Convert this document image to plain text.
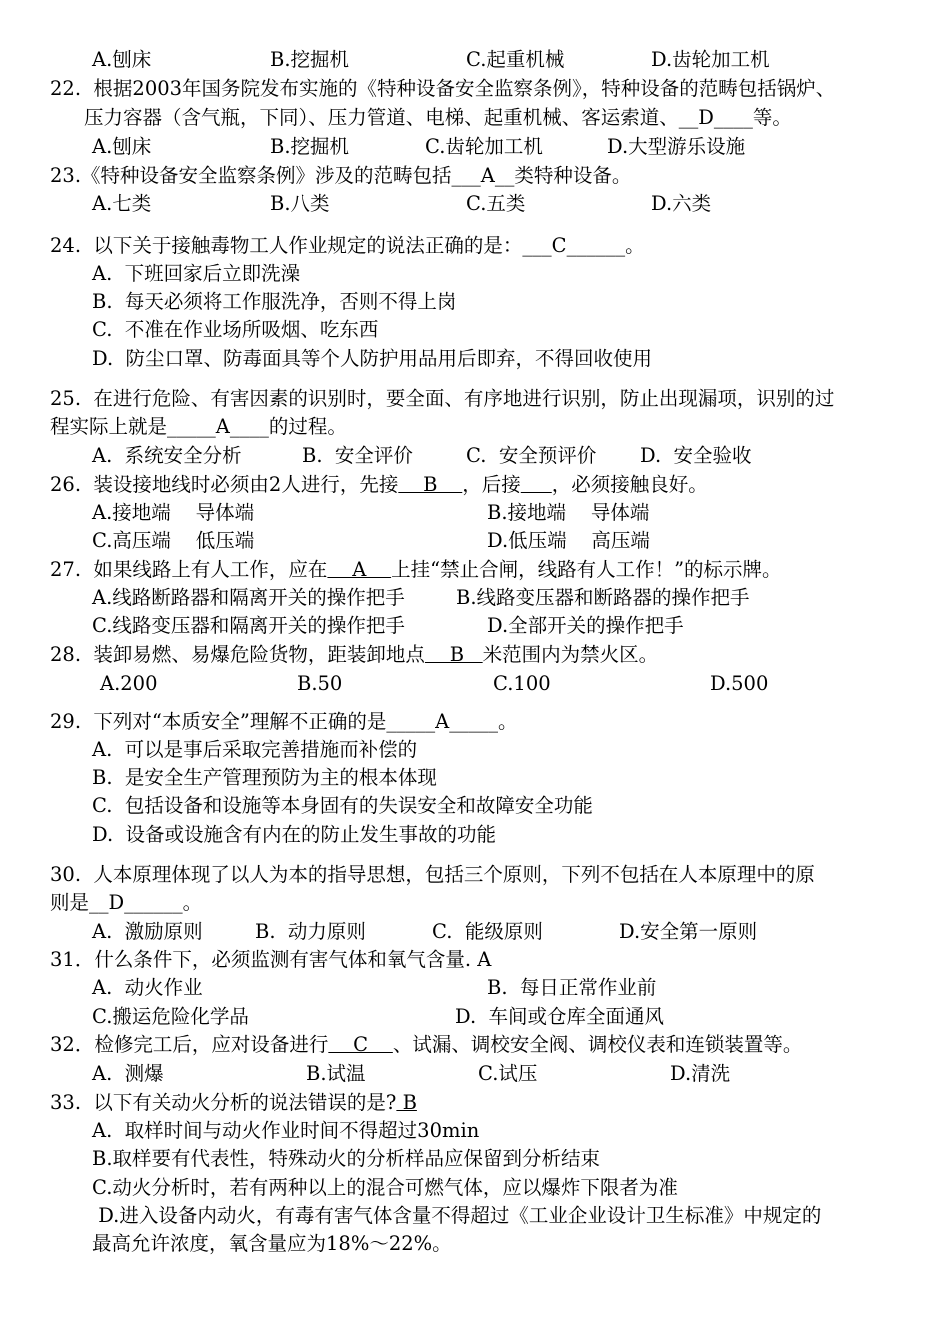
A.刨床	B.挖掘机	C.起重机械	D.齿轮加工机
22.  根据2003年国务院发布实施的《特种设备安全监察条例》，特种设备的范畴包括锅炉、
压力容器（含气瓶，下同）、压力管道、电梯、起重机械、客运索道、__D____等。
A.刨床	B.挖掘机	C.齿轮加工机	D.大型游乐设施
23.《特种设备安全监察条例》涉及的范畴包括___A__类特种设备。
A.七类	B.八类	C.五类	D.六类
24.  以下关于接触毒物工人作业规定的说法正确的是：___C______。
A.  下班回家后立即洗澡
B.  每天必须将工作服洗净，否则不得上岗
C.  不准在作业场所吸烟、吃东西
D.  防尘口罩、防毒面具等个人防护用品用后即弃，不得回收使用
25.  在进行危险、有害因素的识别时，要全面、有序地进行识别，防止出现漏项，识别的过
程实际上就是_____A____的过程。
A.  系统安全分析	B.  安全评价	C.  安全预评价 D.  安全验收
26.  装设接地线时必须由2人进行，先接    B    ，后接 ，必须接触良好。
A.接地端    导体端	B.接地端    导体端
C.高压端    低压端	D.低压端    高压端
27.  如果线路上有人工作，应在    A    上挂“禁止合闸，线路有人工作！”的标示牌。
A.线路断路器和隔离开关的操作把手	B.线路变压器和断路器的操作把手
C.线路变压器和隔离开关的操作把手	D.全部开关的操作把手
28.  装卸易燃、易爆危险货物，距装卸地点    B   米范围内为禁火区。
A.200	B.50	C.100	D.500
29.  下列对“本质安全”理解不正确的是_____A_____。
A.  可以是事后采取完善措施而补偿的
B.  是安全生产管理预防为主的根本体现
C.  包括设备和设施等本身固有的失误安全和故障安全功能
D.  设备或设施含有内在的防止发生事故的功能
30.  人本原理体现了以人为本的指导思想，包括三个原则，下列不包括在人本原理中的原
则是__D______。
A.  激励原则	B.  动力原则	C.  能级原则	D.安全第一原则
31．什么条件下，必须监测有害气体和氧气含量. A
A.  动火作业	B.  每日正常作业前
C.搬运危险化学品	D.  车间或仓库全面通风
32．检修完工后，应对设备进行    C    、试漏、调校安全阀、调校仪表和连锁装置等。
A.  测爆	B.试温	C.试压	D.清洗
33.  以下有关动火分析的说法错误的是? B
A.  取样时间与动火作业时间不得超过30min
B.取样要有代表性，特殊动火的分析样品应保留到分析结束
C.动火分析时，若有两种以上的混合可燃气体，应以爆炸下限者为准
D.进入设备内动火，有毒有害气体含量不得超过《工业企业设计卫生标准》中规定的
最高允许浓度，氧含量应为18%～22%。
